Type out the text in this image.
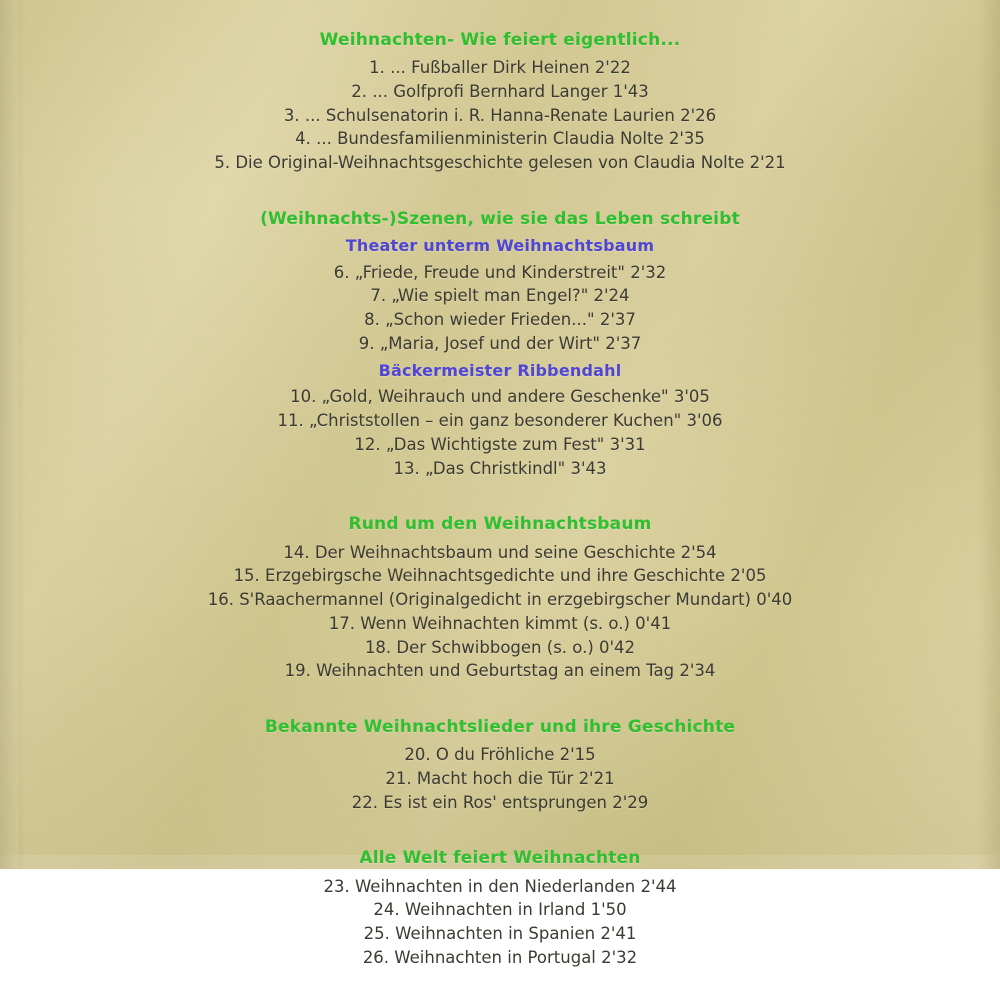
Weihnachten- Wie feiert eigentlich...
1. ... Fußballer Dirk Heinen 2'22
2. ... Golfprofi Bernhard Langer 1'43
3. ... Schulsenatorin i. R. Hanna-Renate Laurien 2'26
4. ... Bundesfamilienministerin Claudia Nolte 2'35
5. Die Original-Weihnachtsgeschichte gelesen von Claudia Nolte 2'21
(Weihnachts-)Szenen, wie sie das Leben schreibt
Theater unterm Weihnachtsbaum
6. „Friede, Freude und Kinderstreit" 2'32
7. „Wie spielt man Engel?" 2'24
8. „Schon wieder Frieden..." 2'37
9. „Maria, Josef und der Wirt" 2'37
Bäckermeister Ribbendahl
10. „Gold, Weihrauch und andere Geschenke" 3'05
11. „Christstollen – ein ganz besonderer Kuchen" 3'06
12. „Das Wichtigste zum Fest" 3'31
13. „Das Christkindl" 3'43
Rund um den Weihnachtsbaum
14. Der Weihnachtsbaum und seine Geschichte 2'54
15. Erzgebirgsche Weihnachtsgedichte und ihre Geschichte 2'05
16. S'Raachermannel (Originalgedicht in erzgebirgscher Mundart) 0'40
17. Wenn Weihnachten kimmt (s. o.) 0'41
18. Der Schwibbogen (s. o.) 0'42
19. Weihnachten und Geburtstag an einem Tag 2'34
Bekannte Weihnachtslieder und ihre Geschichte
20. O du Fröhliche 2'15
21. Macht hoch die Tür 2'21
22. Es ist ein Ros' entsprungen 2'29
Alle Welt feiert Weihnachten
23. Weihnachten in den Niederlanden 2'44
24. Weihnachten in Irland 1'50
25. Weihnachten in Spanien 2'41
26. Weihnachten in Portugal 2'32
